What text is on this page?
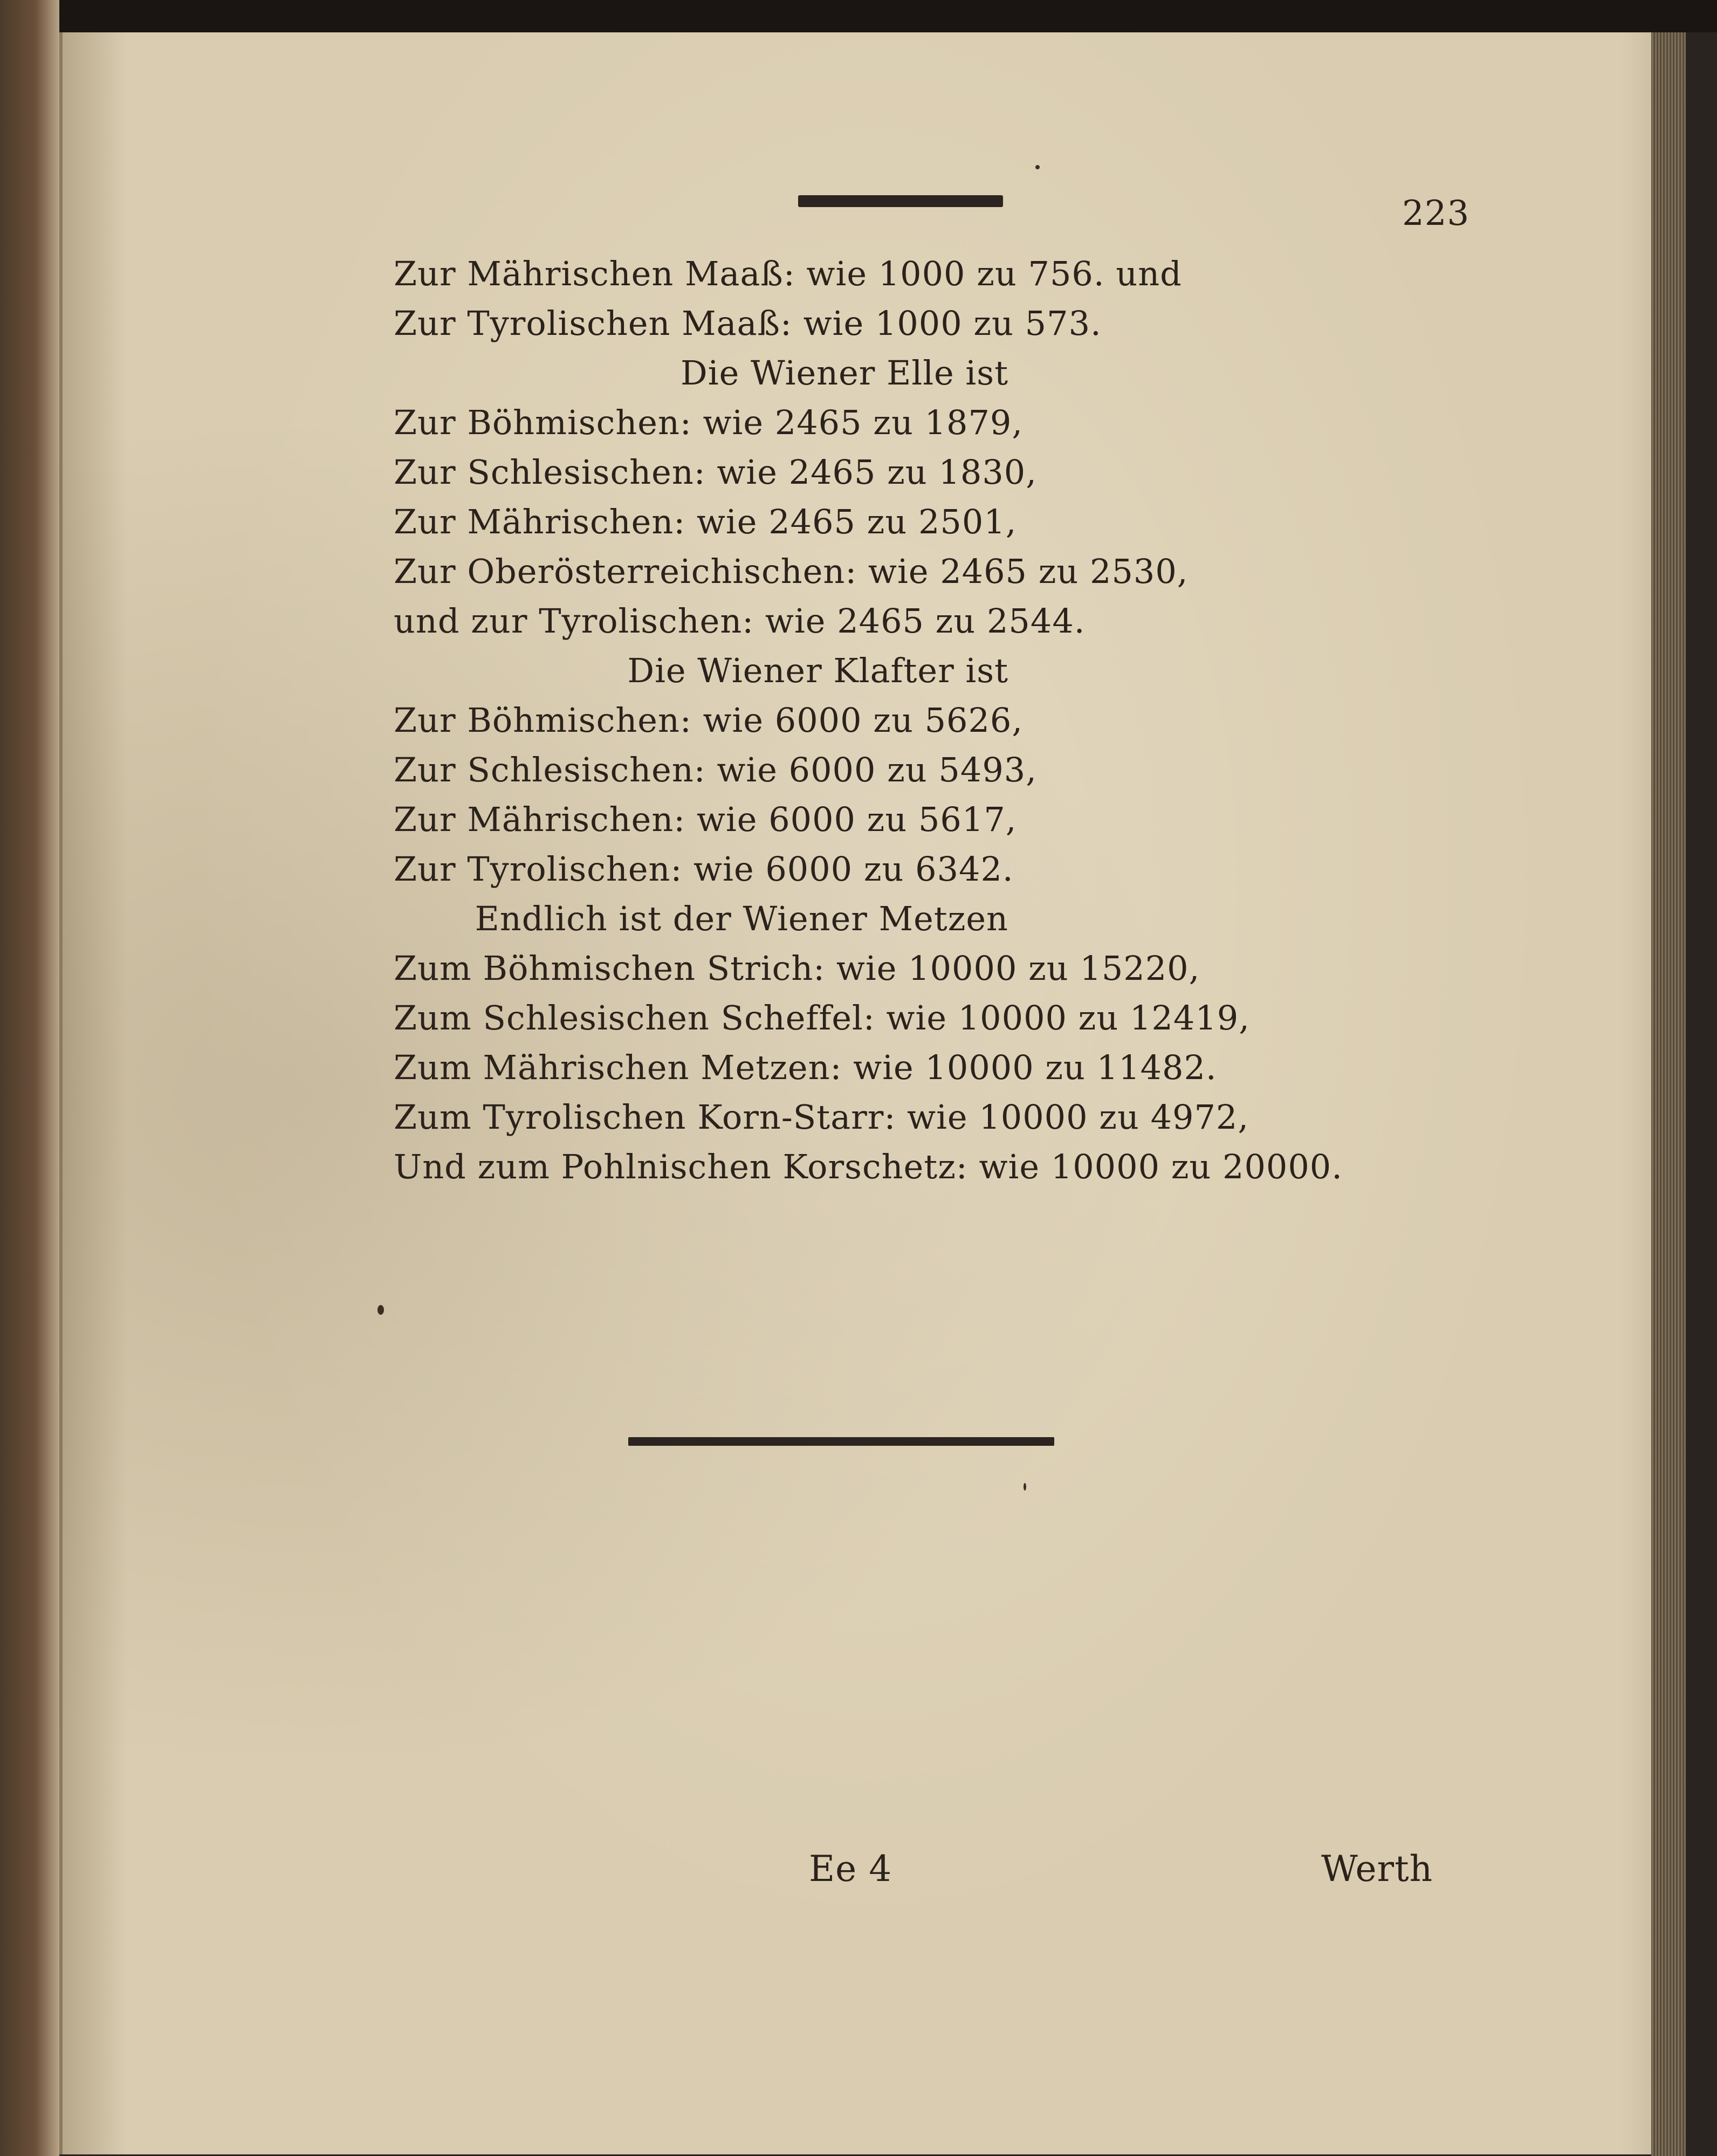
223
Zur Mährischen Maaß: wie 1000 zu 756. und
Zur Tyrolischen Maaß: wie 1000 zu 573.
Die Wiener Elle ist
Zur Böhmischen: wie 2465 zu 1879,
Zur Schlesischen: wie 2465 zu 1830,
Zur Mährischen: wie 2465 zu 2501,
Zur Oberösterreichischen: wie 2465 zu 2530,
und zur Tyrolischen: wie 2465 zu 2544.
Die Wiener Klafter ist
Zur Böhmischen: wie 6000 zu 5626,
Zur Schlesischen: wie 6000 zu 5493,
Zur Mährischen: wie 6000 zu 5617,
Zur Tyrolischen: wie 6000 zu 6342.
Endlich ist der Wiener Metzen
Zum Böhmischen Strich: wie 10000 zu 15220,
Zum Schlesischen Scheffel: wie 10000 zu 12419,
Zum Mährischen Metzen: wie 10000 zu 11482.
Zum Tyrolischen Korn-Starr: wie 10000 zu 4972,
Und zum Pohlnischen Korschetz: wie 10000 zu 20000.
Ee 4	Werth
